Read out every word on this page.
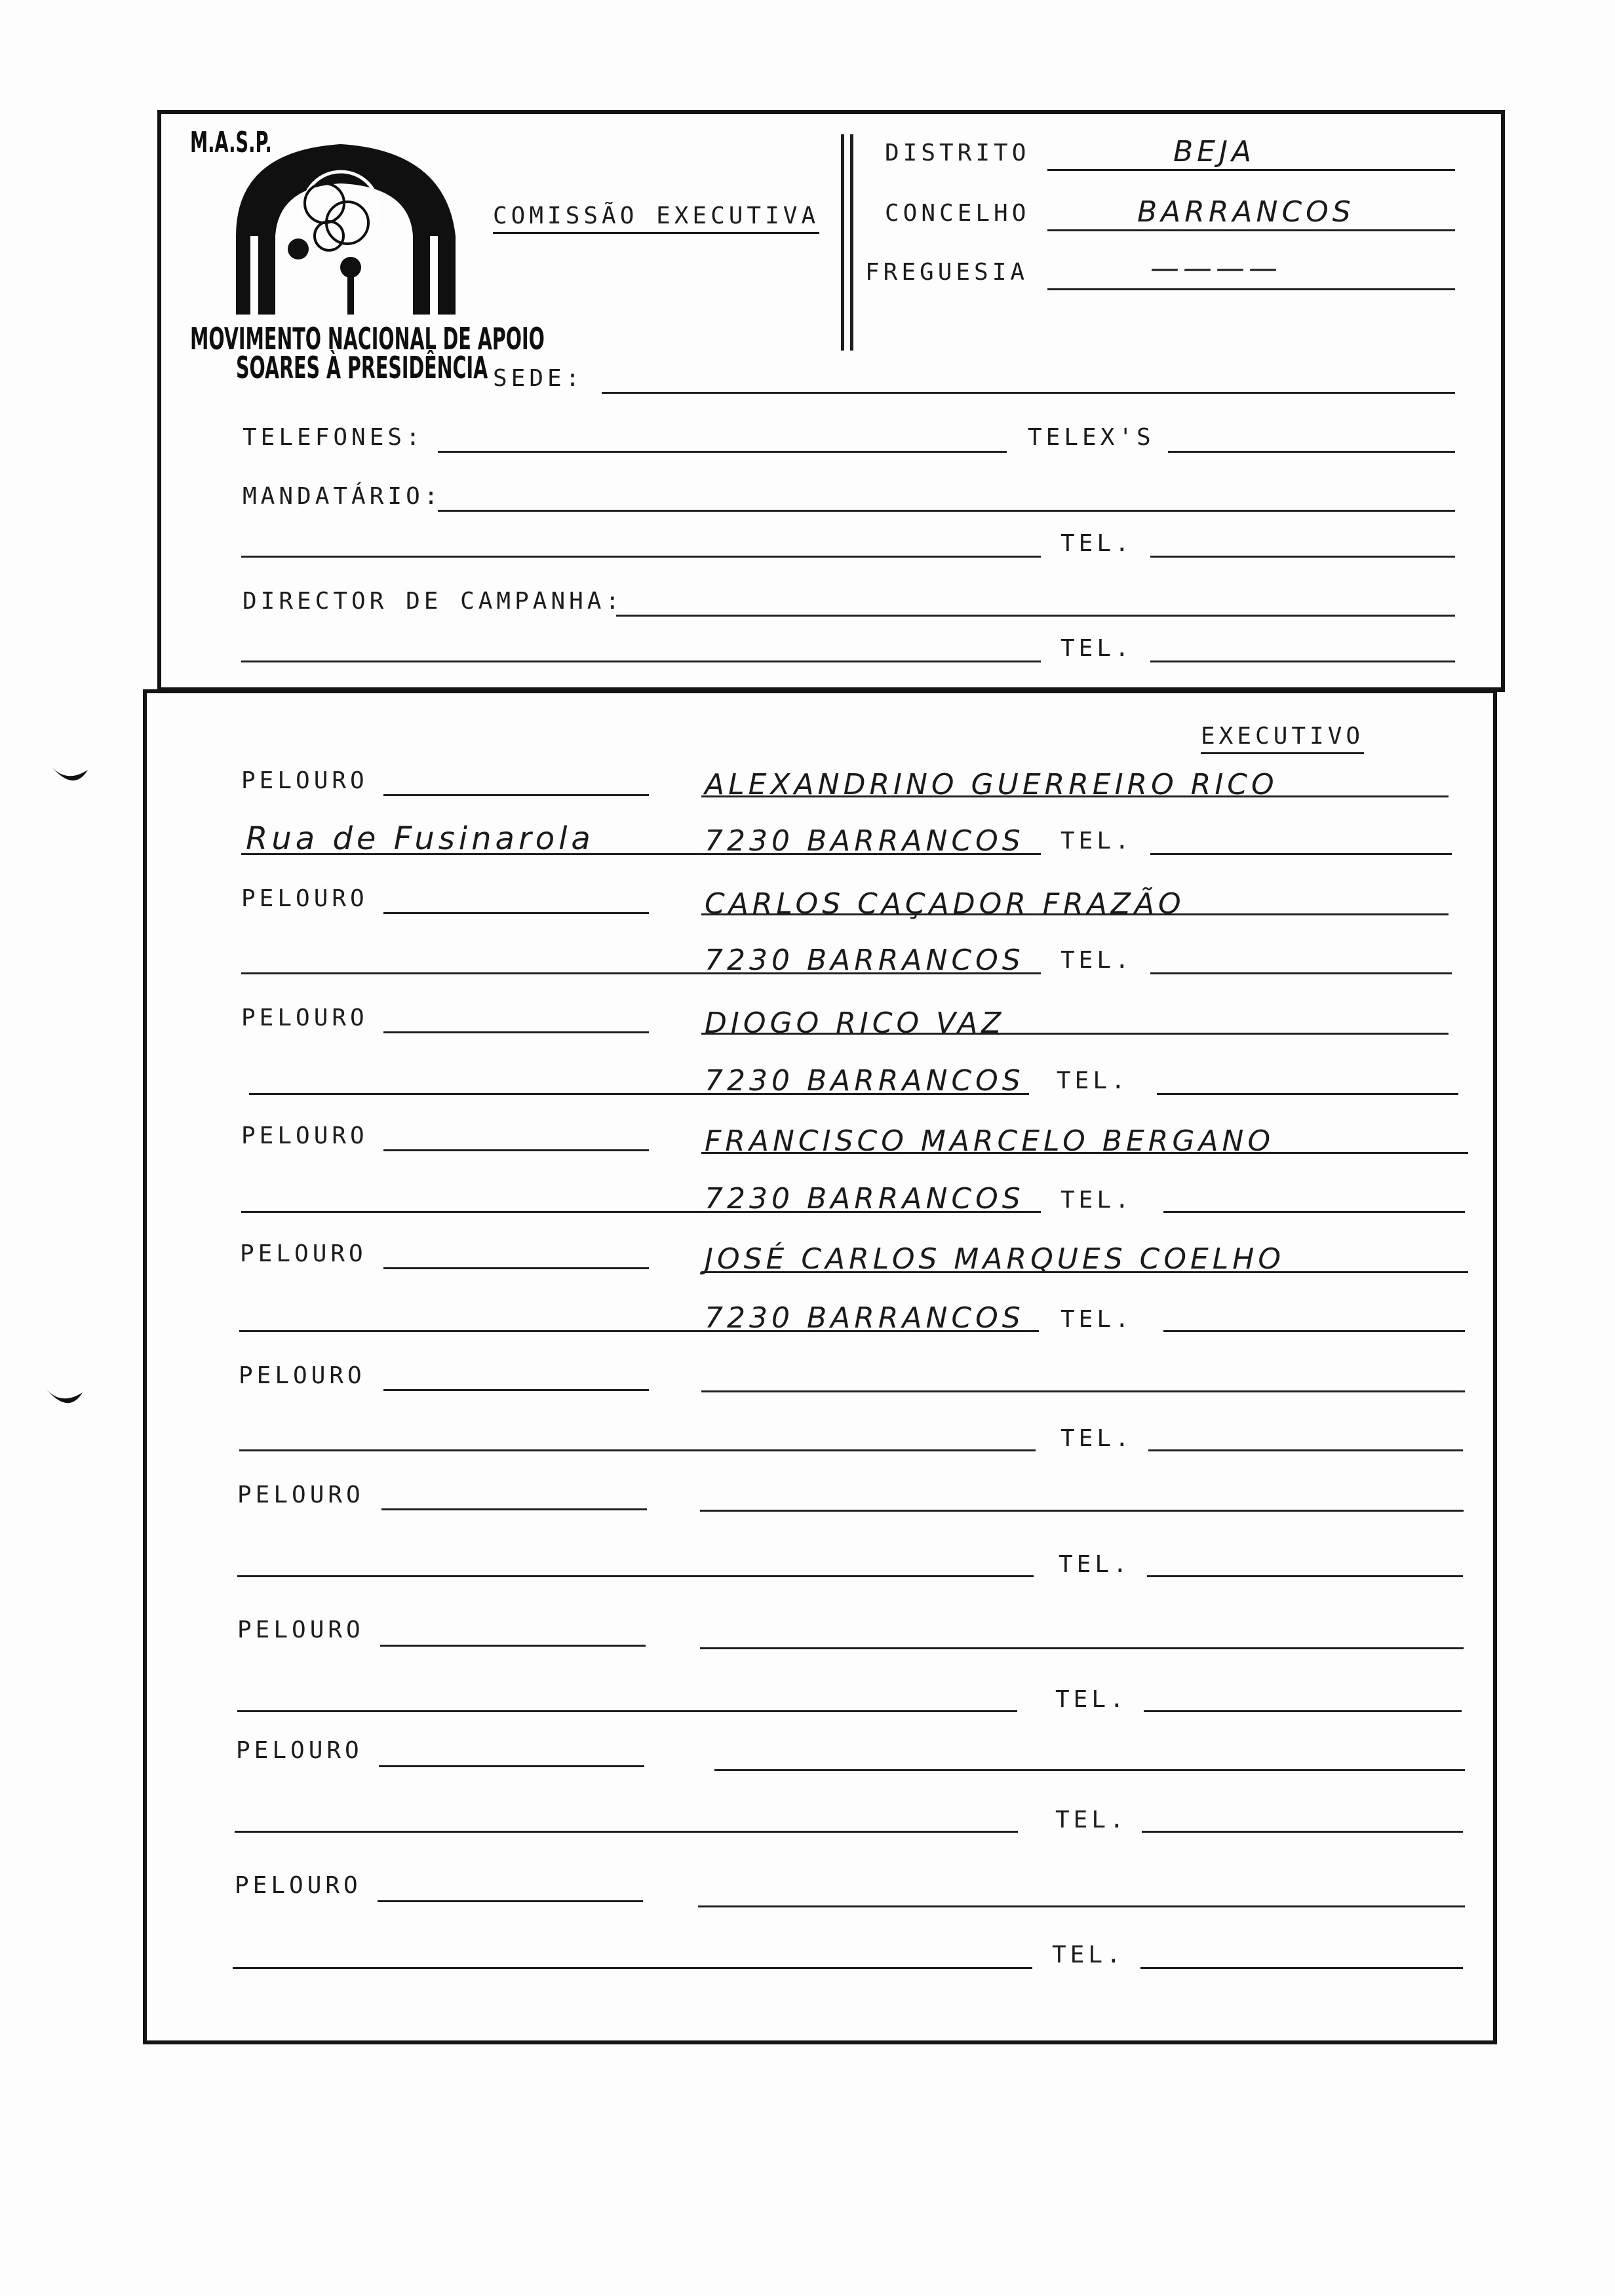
M.A.S.P.
MOVIMENTO NACIONAL DE APOIO
SOARES À PRESIDÊNCIA
COMISSÃO EXECUTIVA
DISTRITO	BEJA
CONCELHO	BARRANCOS
FREGUESIA	————
SEDE:
TELEFONES:	TELEX'S
MANDATÁRIO:
TEL.
DIRECTOR DE CAMPANHA:
TEL.
EXECUTIVO
PELOURO	ALEXANDRINO GUERREIRO RICO
Rua de Fusinarola	7230 BARRANCOS TEL.
PELOURO	CARLOS CAÇADOR FRAZÃO
7230 BARRANCOS TEL.
PELOURO	DIOGO RICO VAZ
7230 BARRANCOS TEL.
PELOURO	FRANCISCO MARCELO BERGANO
7230 BARRANCOS TEL.
PELOURO	JOSÉ CARLOS MARQUES COELHO
7230 BARRANCOS TEL.
PELOURO
TEL.
PELOURO
TEL.
PELOURO
TEL.
PELOURO
TEL.
PELOURO
TEL.
